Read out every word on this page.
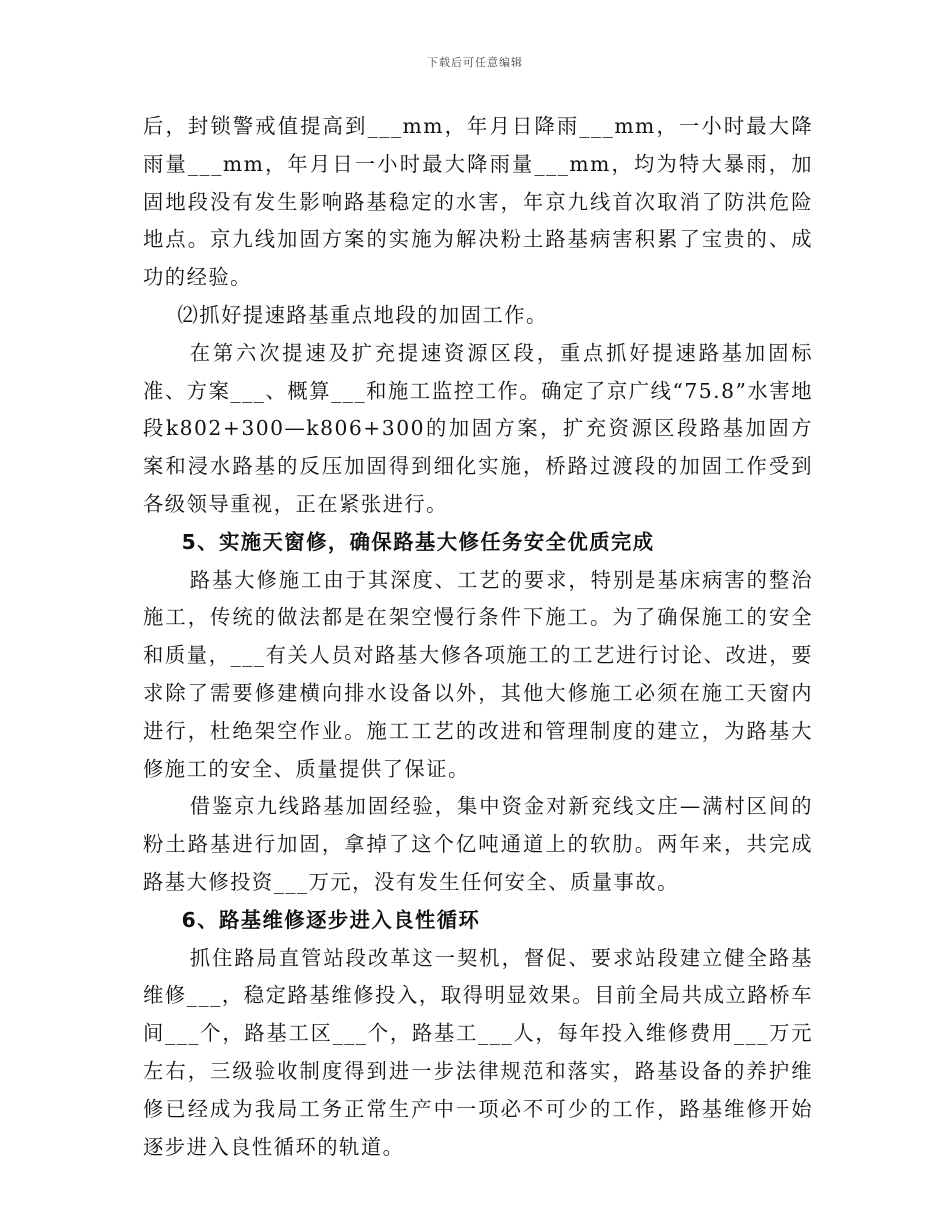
下载后可任意编辑

后，封锁警戒值提高到___mm，年月日降雨___mm，一小时最大降雨量___mm，年月日一小时最大降雨量___mm，均为特大暴雨，加固地段没有发生影响路基稳定的水害，年京九线首次取消了防洪危险地点。京九线加固方案的实施为解决粉土路基病害积累了宝贵的、成功的经验。

⑵抓好提速路基重点地段的加固工作。

在第六次提速及扩充提速资源区段，重点抓好提速路基加固标准、方案___、概算___和施工监控工作。确定了京广线“75.8”水害地段k802+300—k806+300的加固方案，扩充资源区段路基加固方案和浸水路基的反压加固得到细化实施，桥路过渡段的加固工作受到各级领导重视，正在紧张进行。

5、实施天窗修，确保路基大修任务安全优质完成

路基大修施工由于其深度、工艺的要求，特别是基床病害的整治施工，传统的做法都是在架空慢行条件下施工。为了确保施工的安全和质量，___有关人员对路基大修各项施工的工艺进行讨论、改进，要求除了需要修建横向排水设备以外，其他大修施工必须在施工天窗内进行，杜绝架空作业。施工工艺的改进和管理制度的建立，为路基大修施工的安全、质量提供了保证。

借鉴京九线路基加固经验，集中资金对新兖线文庄—满村区间的粉土路基进行加固，拿掉了这个亿吨通道上的软肋。两年来，共完成路基大修投资___万元，没有发生任何安全、质量事故。

6、路基维修逐步进入良性循环

抓住路局直管站段改革这一契机，督促、要求站段建立健全路基维修___，稳定路基维修投入，取得明显效果。目前全局共成立路桥车间___个，路基工区___个，路基工___人，每年投入维修费用___万元左右，三级验收制度得到进一步法律规范和落实，路基设备的养护维修已经成为我局工务正常生产中一项必不可少的工作，路基维修开始逐步进入良性循环的轨道。
